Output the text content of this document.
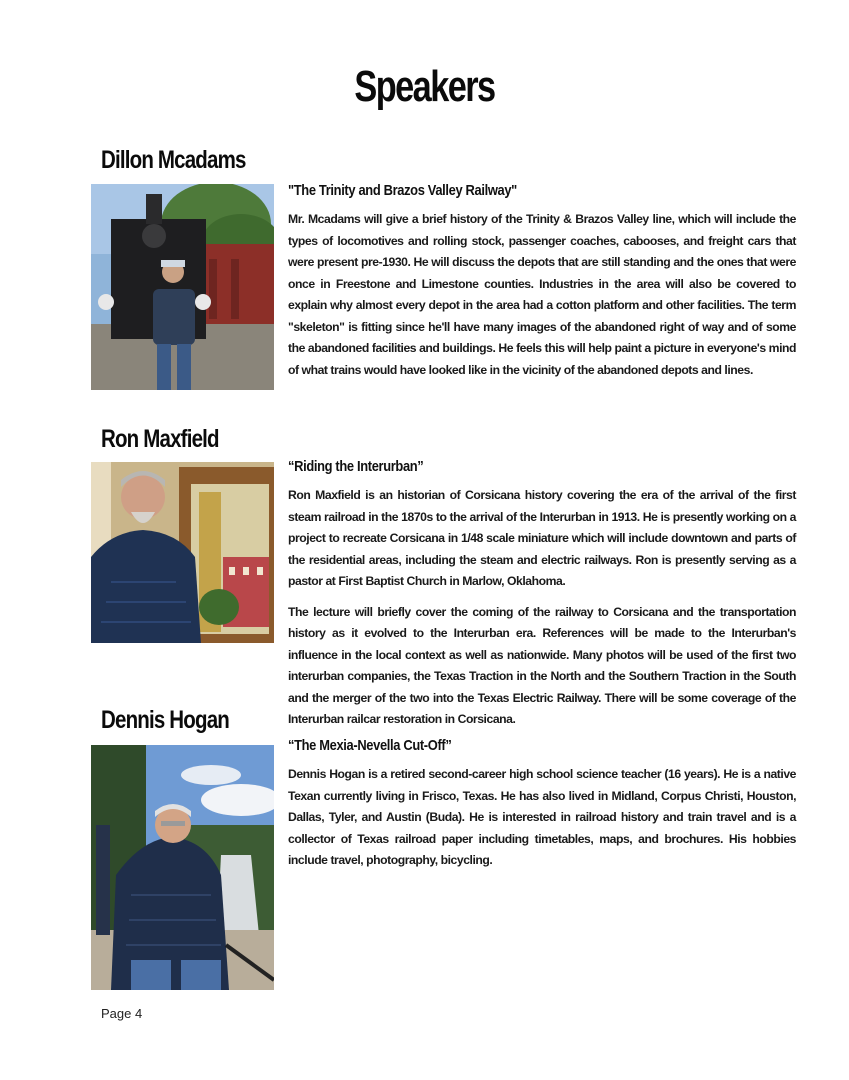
Speakers
Dillon Mcadams

"The Trinity and Brazos Valley Railway"

Mr. Mcadams will give a brief history of the Trinity & Brazos Valley line, which will include the types of locomotives and rolling stock, passenger coaches, cabooses, and freight cars that were present pre-1930. He will discuss the depots that are still standing and the ones that were once in Freestone and Limestone counties. Industries in the area will also be covered to explain why almost every depot in the area had a cotton platform and other facilities. The term "skeleton" is fitting since he'll have many images of the abandoned right of way and of some the abandoned facilities and buildings. He feels this will help paint a picture in everyone's mind of what trains would have looked like in the vicinity of the abandoned depots and lines.

Ron Maxfield

“Riding the Interurban”

Ron Maxfield is an historian of Corsicana history covering the era of the arrival of the first steam railroad in the 1870s to the arrival of the Interurban in 1913. He is presently working on a project to recreate Corsicana in 1/48 scale miniature which will include downtown and parts of the residential areas, including the steam and electric railways. Ron is presently serving as a pastor at First Baptist Church in Marlow, Oklahoma.

The lecture will briefly cover the coming of the railway to Corsicana and the transportation history as it evolved to the Interurban era. References will be made to the Interurban's influence in the local context as well as nationwide. Many photos will be used of the first two interurban companies, the Texas Traction in the North and the Southern Traction in the South and the merger of the two into the Texas Electric Railway. There will be some coverage of the Interurban railcar restoration in Corsicana.

Dennis Hogan

“The Mexia-Nevella Cut-Off”

Dennis Hogan is a retired second-career high school science teacher (16 years). He is a native Texan currently living in Frisco, Texas. He has also lived in Midland, Corpus Christi, Houston, Dallas, Tyler, and Austin (Buda). He is interested in railroad history and train travel and is a collector of Texas railroad paper including timetables, maps, and brochures. His hobbies include travel, photography, bicycling.

Page 4
